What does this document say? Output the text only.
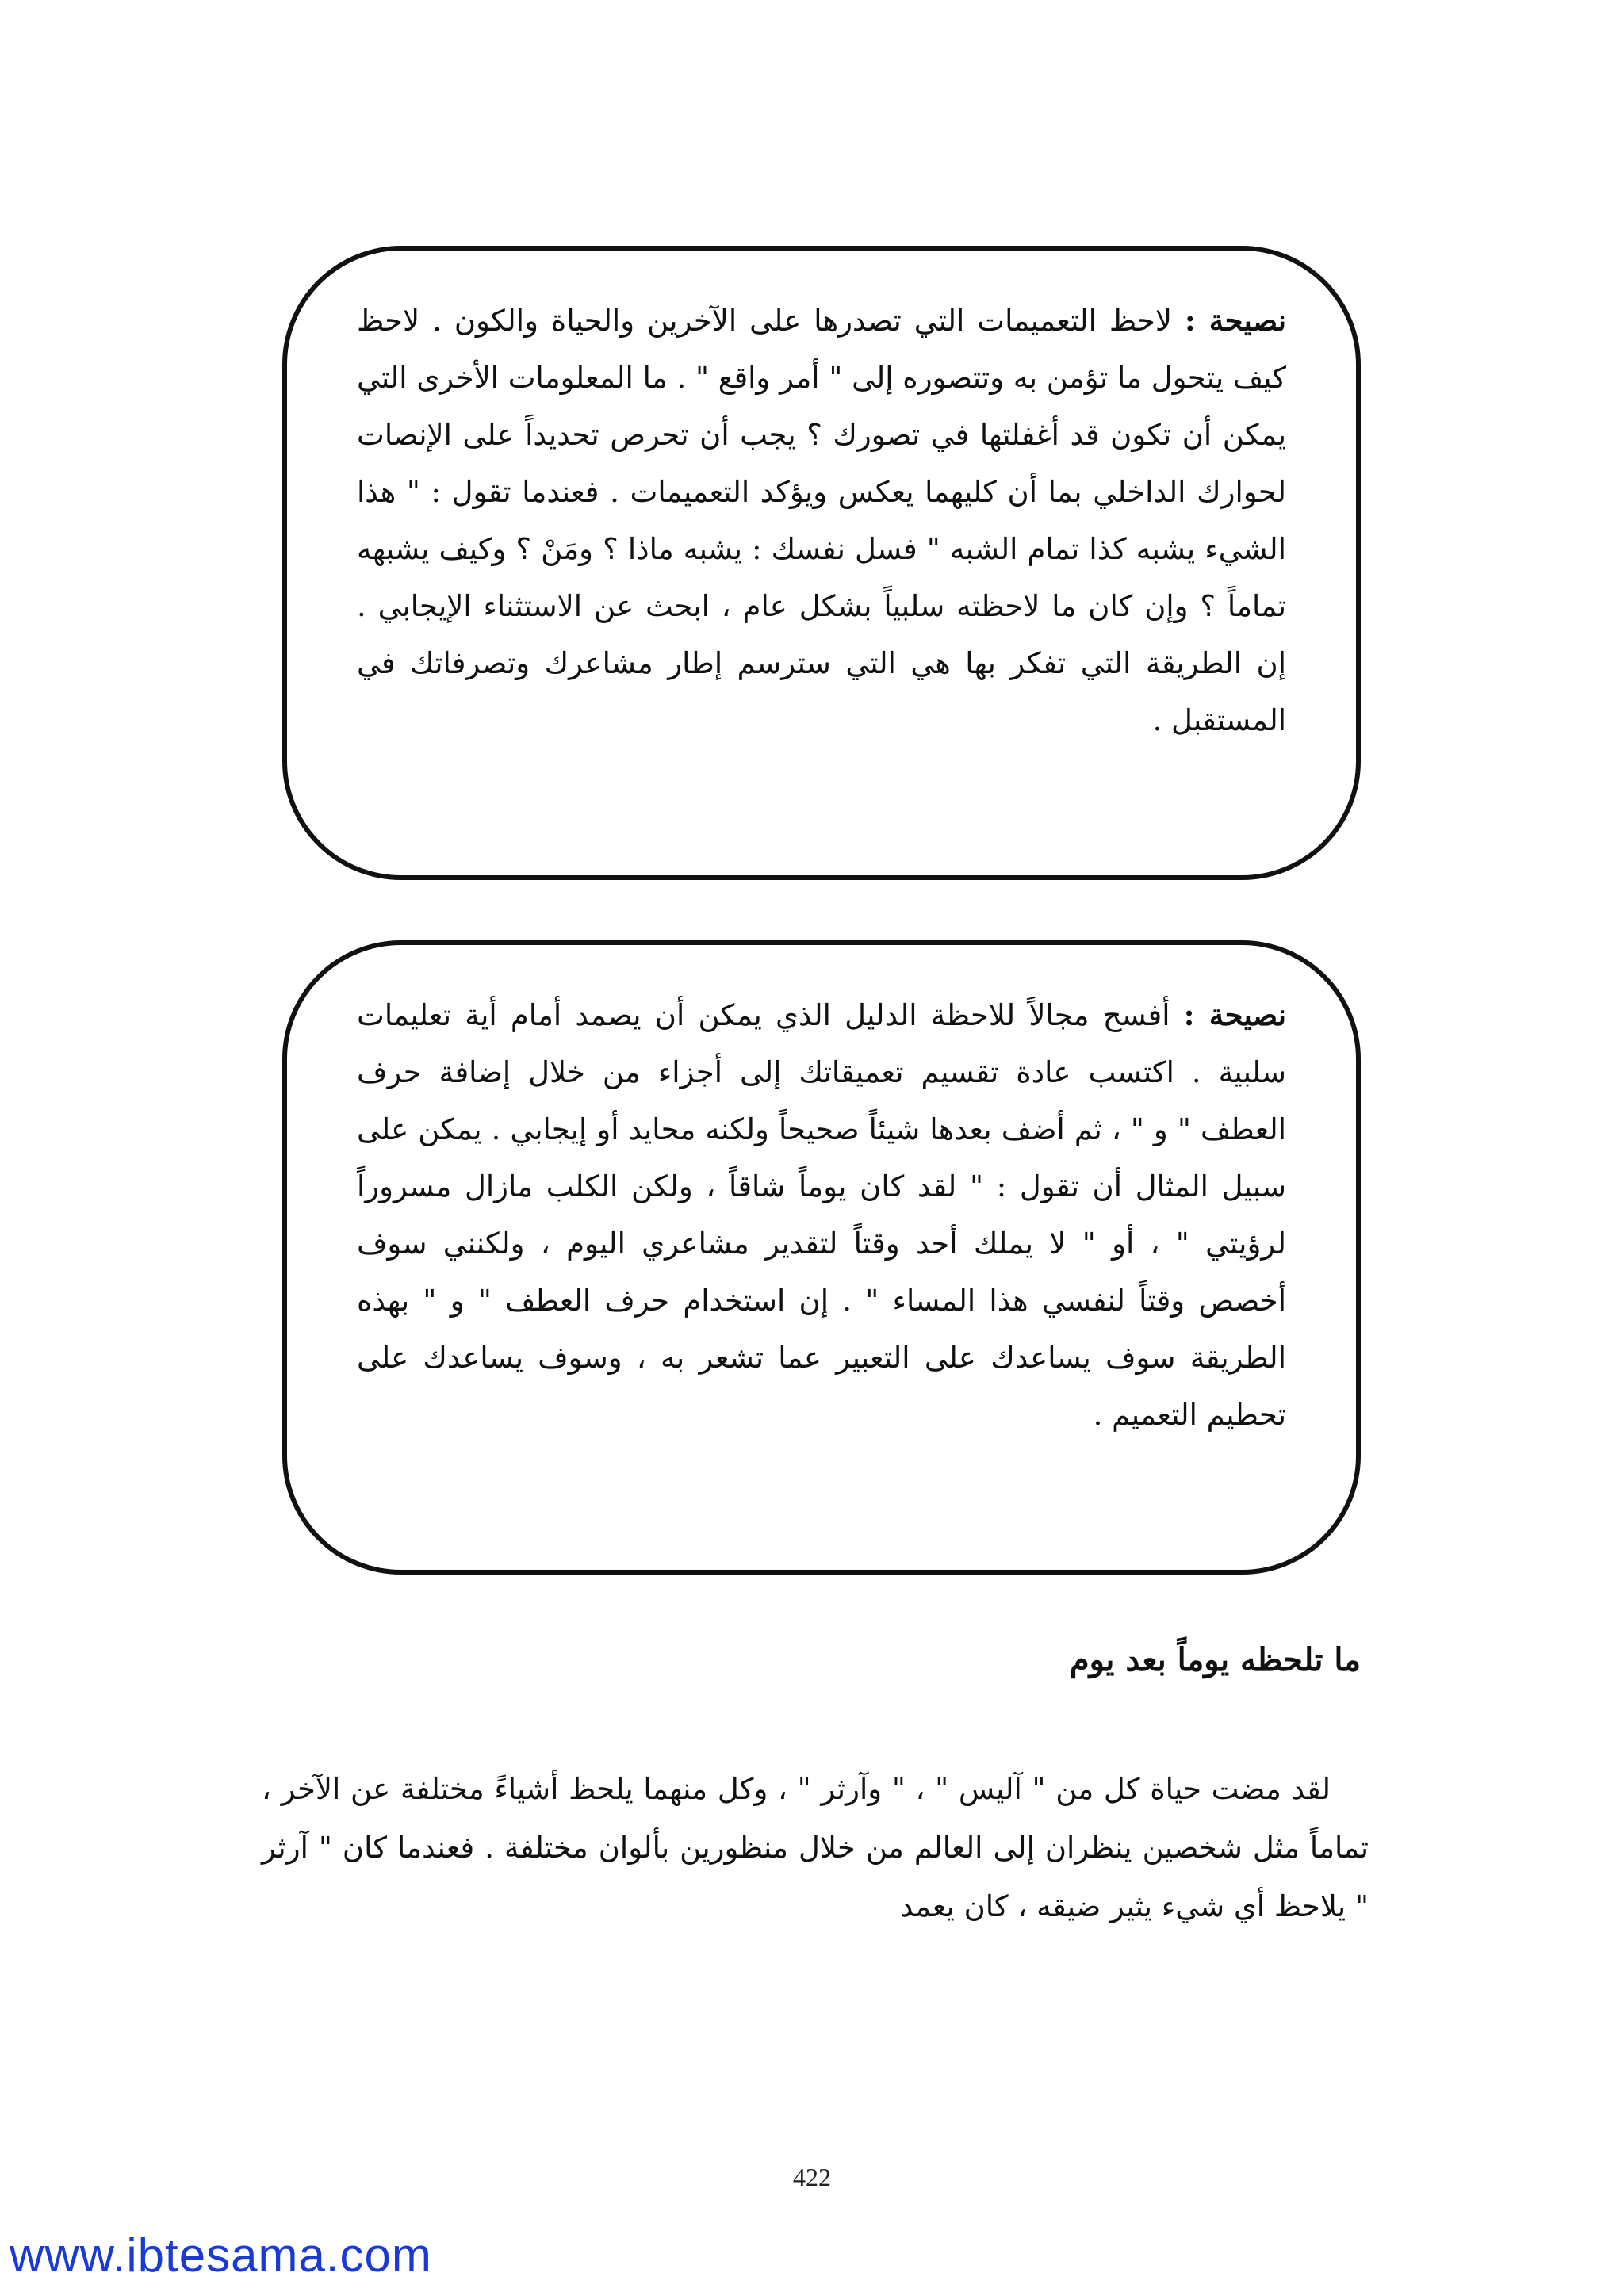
نصيحة : لاحظ التعميمات التي تصدرها على الآخرين والحياة والكون . لاحظ كيف يتحول ما تؤمن به وتتصوره إلى " أمر واقع " . ما المعلومات الأخرى التي يمكن أن تكون قد أغفلتها في تصورك ؟ يجب أن تحرص تحديداً على الإنصات لحوارك الداخلي بما أن كليهما يعكس ويؤكد التعميمات . فعندما تقول : " هذا الشيء يشبه كذا تمام الشبه " فسل نفسك : يشبه ماذا ؟ ومَنْ ؟ وكيف يشبهه تماماً ؟ وإن كان ما لاحظته سلبياً بشكل عام ، ابحث عن الاستثناء الإيجابي . إن الطريقة التي تفكر بها هي التي سترسم إطار مشاعرك وتصرفاتك في المستقبل .

نصيحة : أفسح مجالاً للاحظة الدليل الذي يمكن أن يصمد أمام أية تعليمات سلبية . اكتسب عادة تقسيم تعميقاتك إلى أجزاء من خلال إضافة حرف العطف " و " ، ثم أضف بعدها شيئاً صحيحاً ولكنه محايد أو إيجابي . يمكن على سبيل المثال أن تقول : " لقد كان يوماً شاقاً ، ولكن الكلب مازال مسروراً لرؤيتي " ، أو " لا يملك أحد وقتاً لتقدير مشاعري اليوم ، ولكنني سوف أخصص وقتاً لنفسي هذا المساء " . إن استخدام حرف العطف " و " بهذه الطريقة سوف يساعدك على التعبير عما تشعر به ، وسوف يساعدك على تحطيم التعميم .

ما تلحظه يوماً بعد يوم

لقد مضت حياة كل من " آليس " ، " وآرثر " ، وكل منهما يلحظ أشياءً مختلفة عن الآخر ، تماماً مثل شخصين ينظران إلى العالم من خلال منظورين بألوان مختلفة . فعندما كان " آرثر " يلاحظ أي شيء يثير ضيقه ، كان يعمد

422
www.ibtesama.com
